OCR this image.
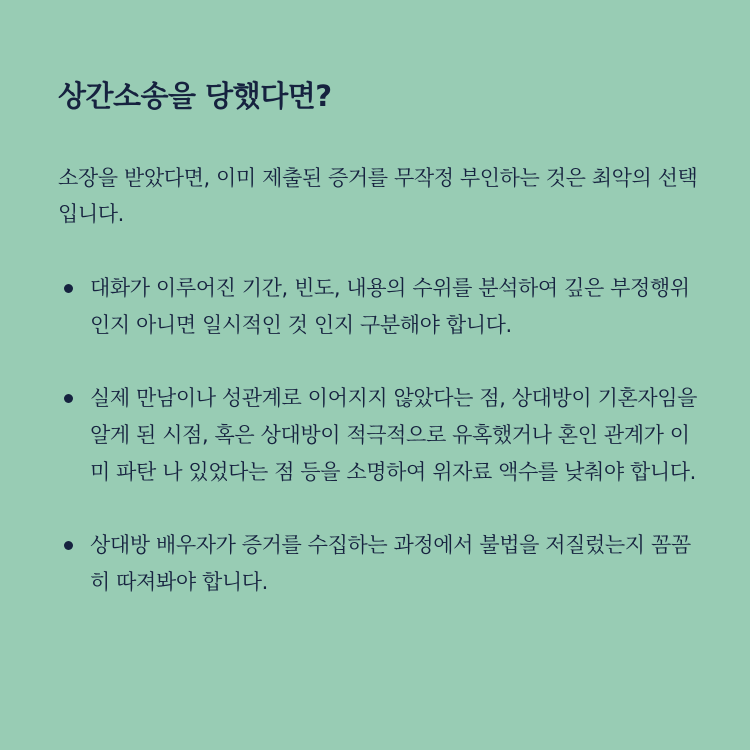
상간소송을 당했다면?

소장을 받았다면, 이미 제출된 증거를 무작정 부인하는 것은 최악의 선택입니다.

대화가 이루어진 기간, 빈도, 내용의 수위를 분석하여 깊은 부정행위인지 아니면 일시적인 것 인지 구분해야 합니다.
실제 만남이나 성관계로 이어지지 않았다는 점, 상대방이 기혼자임을 알게 된 시점, 혹은 상대방이 적극적으로 유혹했거나 혼인 관계가 이미 파탄 나 있었다는 점 등을 소명하여 위자료 액수를 낮춰야 합니다.
상대방 배우자가 증거를 수집하는 과정에서 불법을 저질렀는지 꼼꼼히 따져봐야 합니다.
